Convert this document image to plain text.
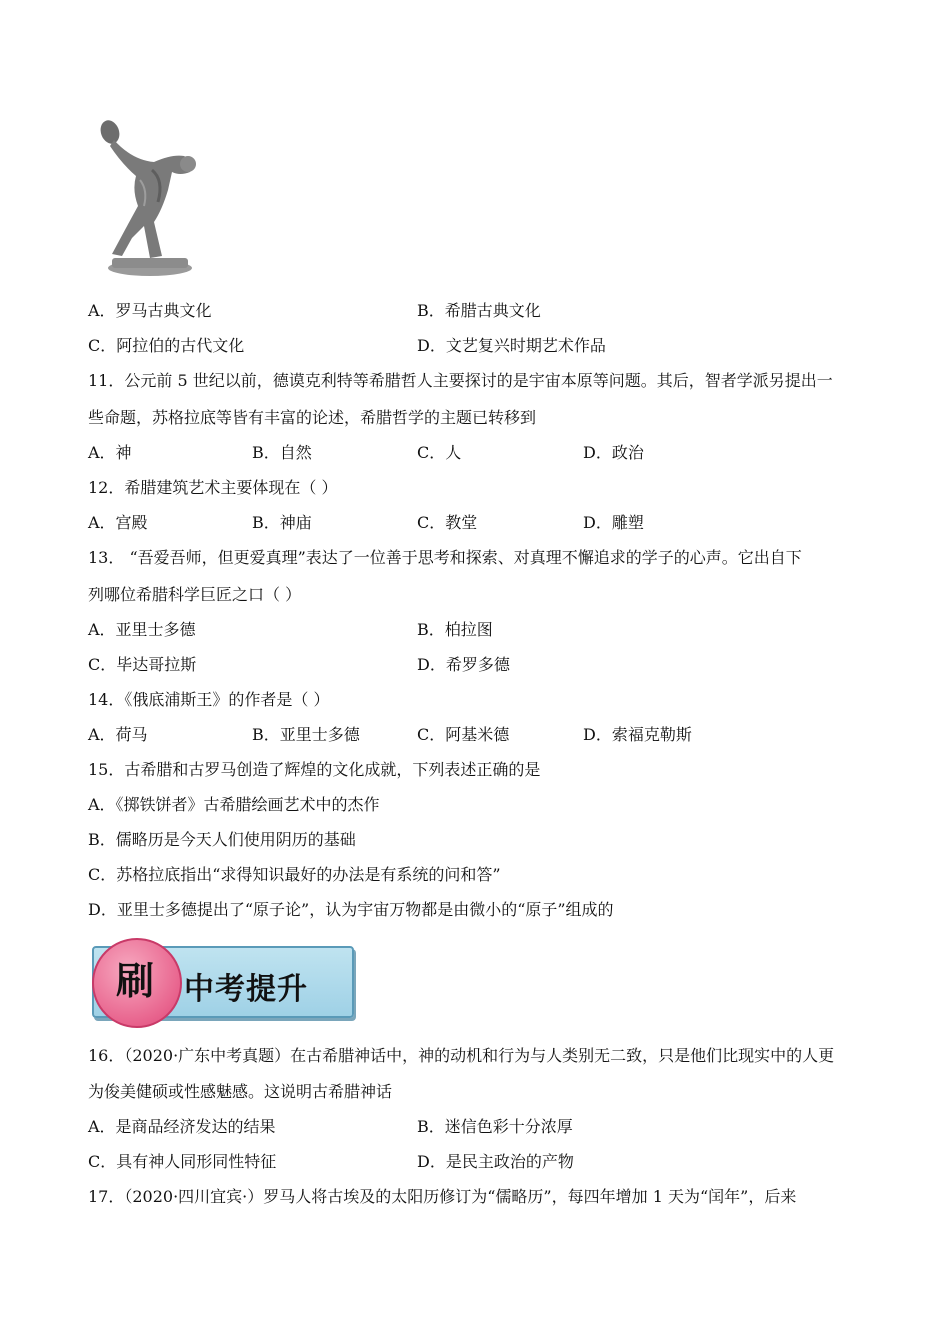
A．罗马古典文化	B．希腊古典文化
C．阿拉伯的古代文化	D．文艺复兴时期艺术作品
11．公元前 5 世纪以前，德谟克利特等希腊哲人主要探讨的是宇宙本原等问题。其后，智者学派另提出一
些命题，苏格拉底等皆有丰富的论述，希腊哲学的主题已转移到
A．神	B．自然	C．人	D．政治
12．希腊建筑艺术主要体现在（ ）
A．宫殿	B．神庙	C．教堂	D．雕塑
13． “吾爱吾师，但更爱真理”表达了一位善于思考和探索、对真理不懈追求的学子的心声。它出自下
列哪位希腊科学巨匠之口（ ）
A．亚里士多德	B．柏拉图
C．毕达哥拉斯	D．希罗多德
14．《俄底浦斯王》的作者是（ ）
A．荷马	B．亚里士多德	C．阿基米德	D．索福克勒斯
15．古希腊和古罗马创造了辉煌的文化成就，下列表述正确的是
A．《掷铁饼者》古希腊绘画艺术中的杰作
B．儒略历是今天人们使用阴历的基础
C．苏格拉底指出“求得知识最好的办法是有系统的问和答”
D．亚里士多德提出了“原子论”，认为宇宙万物都是由微小的“原子”组成的
刷	中考提升
16．（2020·广东中考真题）在古希腊神话中，神的动机和行为与人类别无二致，只是他们比现实中的人更
为俊美健硕或性感魅感。这说明古希腊神话
A．是商品经济发达的结果	B．迷信色彩十分浓厚
C．具有神人同形同性特征	D．是民主政治的产物
17．（2020·四川宜宾·）罗马人将古埃及的太阳历修订为“儒略历”，每四年增加 1 天为“闰年”，后来
